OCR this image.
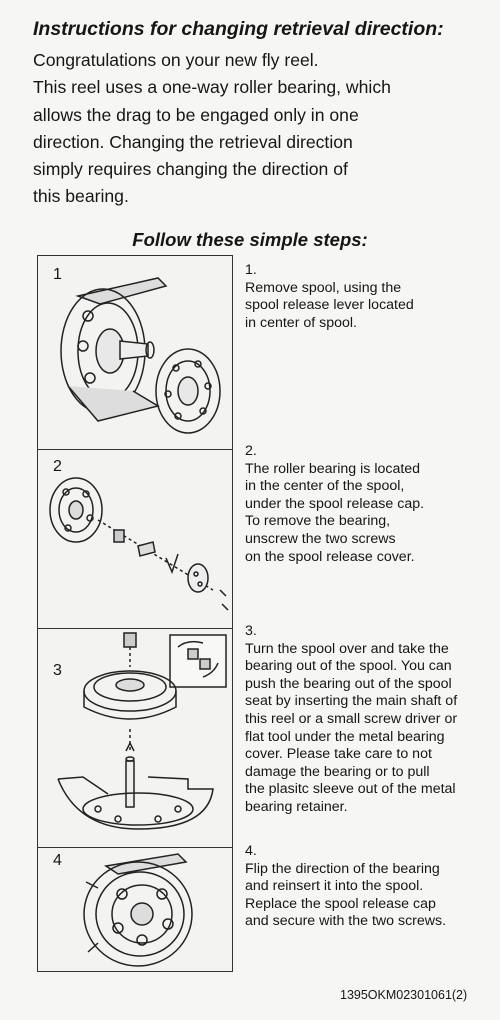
Instructions for changing retrieval direction:
Congratulations on your new fly reel.
This reel uses a one-way roller bearing, which
allows the drag to be engaged only in one
direction. Changing the retrieval direction
simply requires changing the direction of
this bearing.
Follow these simple steps:
1
2
3
4
1.
Remove spool, using the
spool release lever located
in center of spool.
2.
The roller bearing is located
in the center of the spool,
under the spool release cap.
To remove the bearing,
unscrew the two screws
on the spool release cover.
3.
Turn the spool over and take the
bearing out of the spool. You can
push the bearing out of the spool
seat by inserting the main shaft of
this reel or a small screw driver or
flat tool under the metal bearing
cover. Please take care to not
damage the bearing or to pull
the plasitc sleeve out of the metal
bearing retainer.
4.
Flip the direction of the bearing
and reinsert it into the spool.
Replace the spool release cap
and secure with the two screws.
1395OKM02301061(2)
